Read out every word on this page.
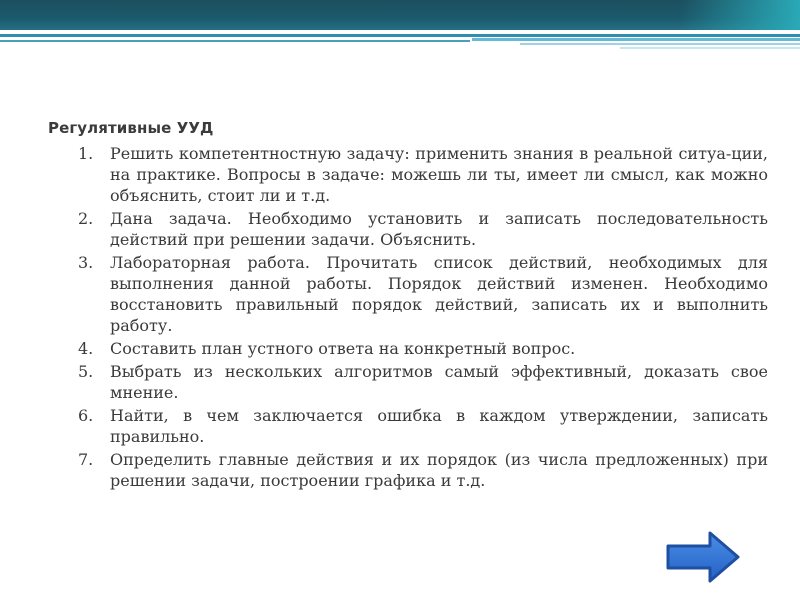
Регулятивные УУД
1. Решить компетентностную задачу: применить знания в реальной ситуа-ции, на практике. Вопросы в задаче: можешь ли ты, имеет ли смысл, как можно объяснить, стоит ли и т.д.
2. Дана задача. Необходимо установить и записать последовательность действий при решении задачи. Объяснить.
3. Лабораторная работа. Прочитать список действий, необходимых для выполнения данной работы. Порядок действий изменен. Необходимо восстановить правильный порядок действий, записать их и выполнить работу.
4. Составить план устного ответа на конкретный вопрос.
5. Выбрать из нескольких алгоритмов самый эффективный, доказать свое мнение.
6. Найти, в чем заключается ошибка в каждом утверждении, записать правильно.
7. Определить главные действия и их порядок (из числа предложенных) при решении задачи, построении графика и т.д.
